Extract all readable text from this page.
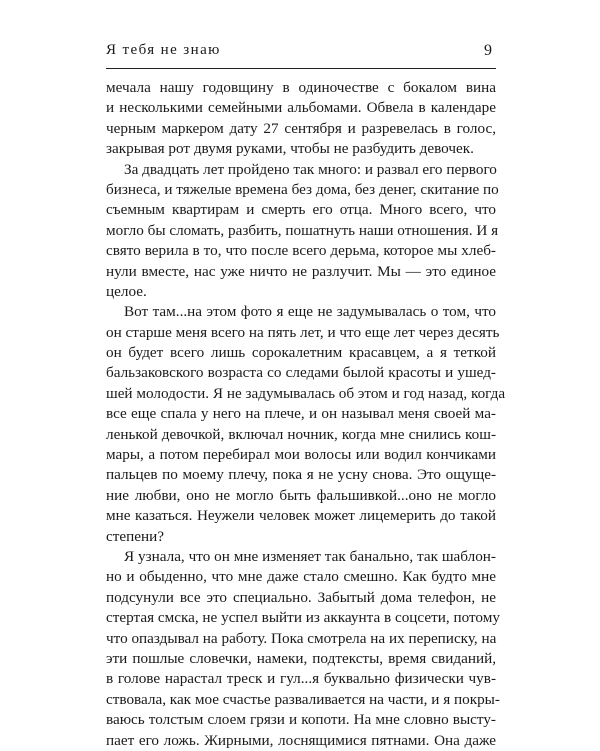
Я тебя не знаю	9
мечала нашу годовщину в одиночестве с бокалом вина
и несколькими семейными альбомами. Обвела в календаре
черным маркером дату 27 сентября и разревелась в голос,
закрывая рот двумя руками, чтобы не разбудить девочек.
За двадцать лет пройдено так много: и развал его первого
бизнеса, и тяжелые времена без дома, без денег, скитание по
съемным квартирам и смерть его отца. Много всего, что
могло бы сломать, разбить, пошатнуть наши отношения. И я
свято верила в то, что после всего дерьма, которое мы хлеб-
нули вместе, нас уже ничто не разлучит. Мы — это единое
целое.
Вот там...на этом фото я еще не задумывалась о том, что
он старше меня всего на пять лет, и что еще лет через десять
он будет всего лишь сорокалетним красавцем, а я теткой
бальзаковского возраста со следами былой красоты и ушед-
шей молодости. Я не задумывалась об этом и год назад, когда
все еще спала у него на плече, и он называл меня своей ма-
ленькой девочкой, включал ночник, когда мне снились кош-
мары, а потом перебирал мои волосы или водил кончиками
пальцев по моему плечу, пока я не усну снова. Это ощуще-
ние любви, оно не могло быть фальшивкой...оно не могло
мне казаться. Неужели человек может лицемерить до такой
степени?
Я узнала, что он мне изменяет так банально, так шаблон-
но и обыденно, что мне даже стало смешно. Как будто мне
подсунули все это специально. Забытый дома телефон, не
стертая смска, не успел выйти из аккаунта в соцсети, потому
что опаздывал на работу. Пока смотрела на их переписку, на
эти пошлые словечки, намеки, подтексты, время свиданий,
в голове нарастал треск и гул...я буквально физически чув-
ствовала, как мое счастье разваливается на части, и я покры-
ваюсь толстым слоем грязи и копоти. На мне словно высту-
пает его ложь. Жирными, лоснящимися пятнами. Она даже
